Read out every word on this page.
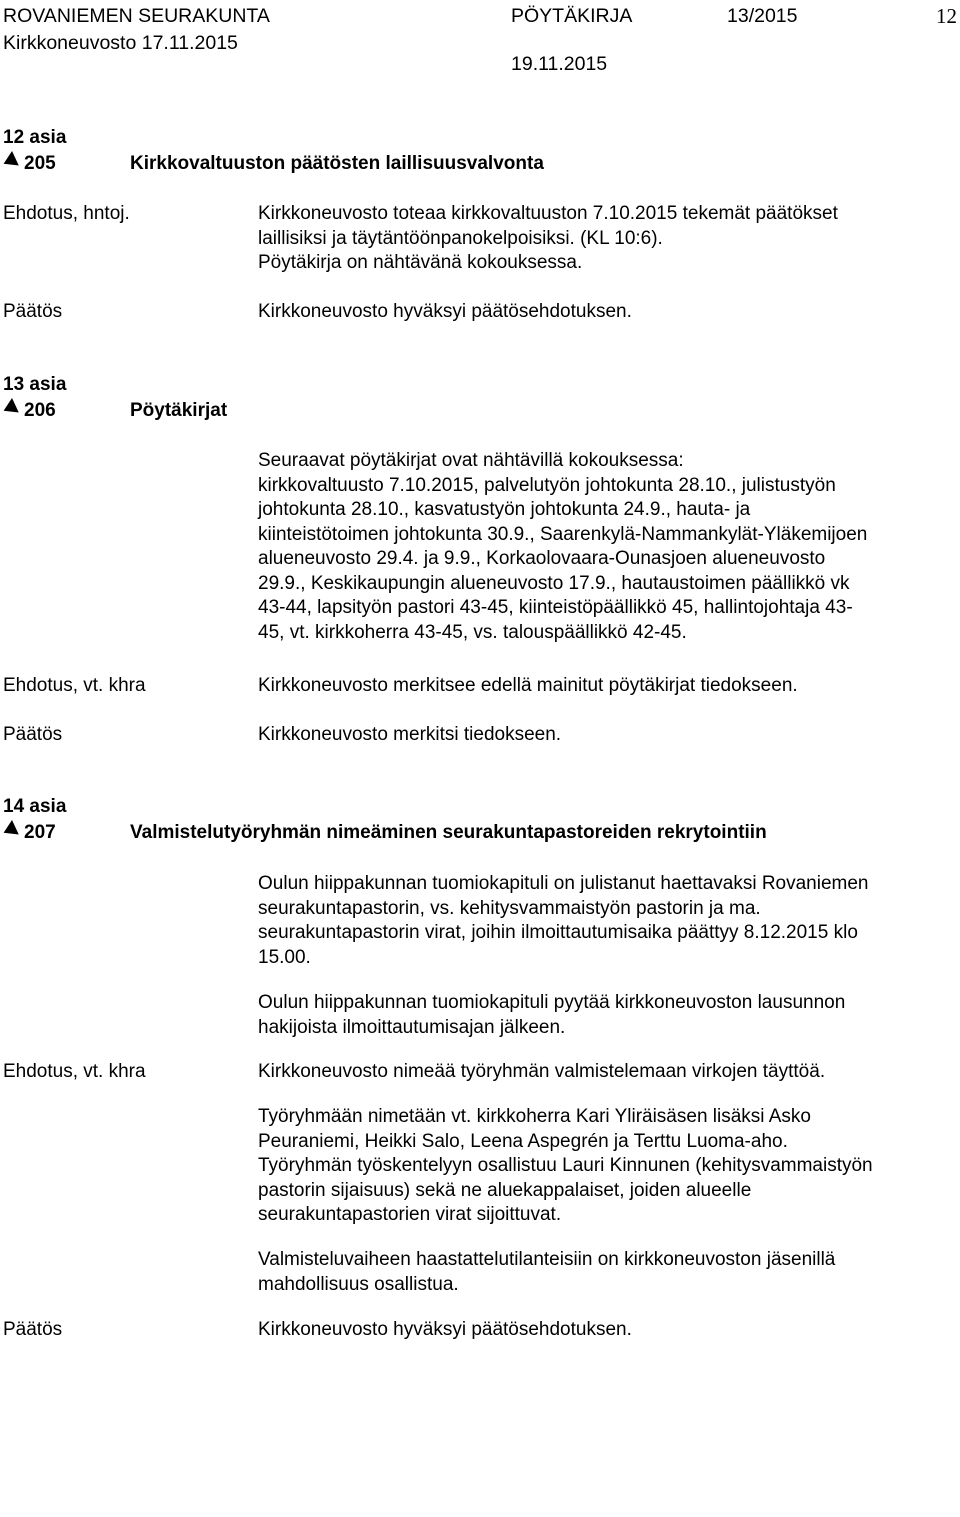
ROVANIEMEN SEURAKUNTA	PÖYTÄKIRJA	13/2015	12
Kirkkoneuvosto 17.11.2015
19.11.2015
12 asia
205	Kirkkovaltuuston päätösten laillisuusvalvonta
Ehdotus, hntoj.	Kirkkoneuvosto toteaa kirkkovaltuuston 7.10.2015 tekemät päätökset
laillisiksi ja täytäntöönpanokelpoisiksi. (KL 10:6).
Pöytäkirja on nähtävänä kokouksessa.
Päätös	Kirkkoneuvosto hyväksyi päätösehdotuksen.
13 asia
206	Pöytäkirjat
Seuraavat pöytäkirjat ovat nähtävillä kokouksessa:
kirkkovaltuusto 7.10.2015, palvelutyön johtokunta 28.10., julistustyön
johtokunta 28.10., kasvatustyön johtokunta 24.9., hauta- ja
kiinteistötoimen johtokunta 30.9., Saarenkylä-Nammankylät-Yläkemijoen
alueneuvosto 29.4. ja 9.9., Korkaolovaara-Ounasjoen alueneuvosto
29.9., Keskikaupungin alueneuvosto 17.9., hautaustoimen päällikkö vk
43-44, lapsityön pastori 43-45, kiinteistöpäällikkö 45, hallintojohtaja 43-
45, vt. kirkkoherra 43-45, vs. talouspäällikkö 42-45.
Ehdotus, vt. khra	Kirkkoneuvosto merkitsee edellä mainitut pöytäkirjat tiedokseen.
Päätös	Kirkkoneuvosto merkitsi tiedokseen.
14 asia
207	Valmistelutyöryhmän nimeäminen seurakuntapastoreiden rekrytointiin
Oulun hiippakunnan tuomiokapituli on julistanut haettavaksi Rovaniemen
seurakuntapastorin, vs. kehitysvammaistyön pastorin ja ma.
seurakuntapastorin virat, joihin ilmoittautumisaika päättyy 8.12.2015 klo
15.00.
Oulun hiippakunnan tuomiokapituli pyytää kirkkoneuvoston lausunnon
hakijoista ilmoittautumisajan jälkeen.
Ehdotus, vt. khra	Kirkkoneuvosto nimeää työryhmän valmistelemaan virkojen täyttöä.
Työryhmään nimetään vt. kirkkoherra Kari Yliräisäsen lisäksi Asko
Peuraniemi, Heikki Salo, Leena Aspegrén ja Terttu Luoma-aho.
Työryhmän työskentelyyn osallistuu Lauri Kinnunen (kehitysvammaistyön
pastorin sijaisuus) sekä ne aluekappalaiset, joiden alueelle
seurakuntapastorien virat sijoittuvat.
Valmisteluvaiheen haastattelutilanteisiin on kirkkoneuvoston jäsenillä
mahdollisuus osallistua.
Päätös	Kirkkoneuvosto hyväksyi päätösehdotuksen.
